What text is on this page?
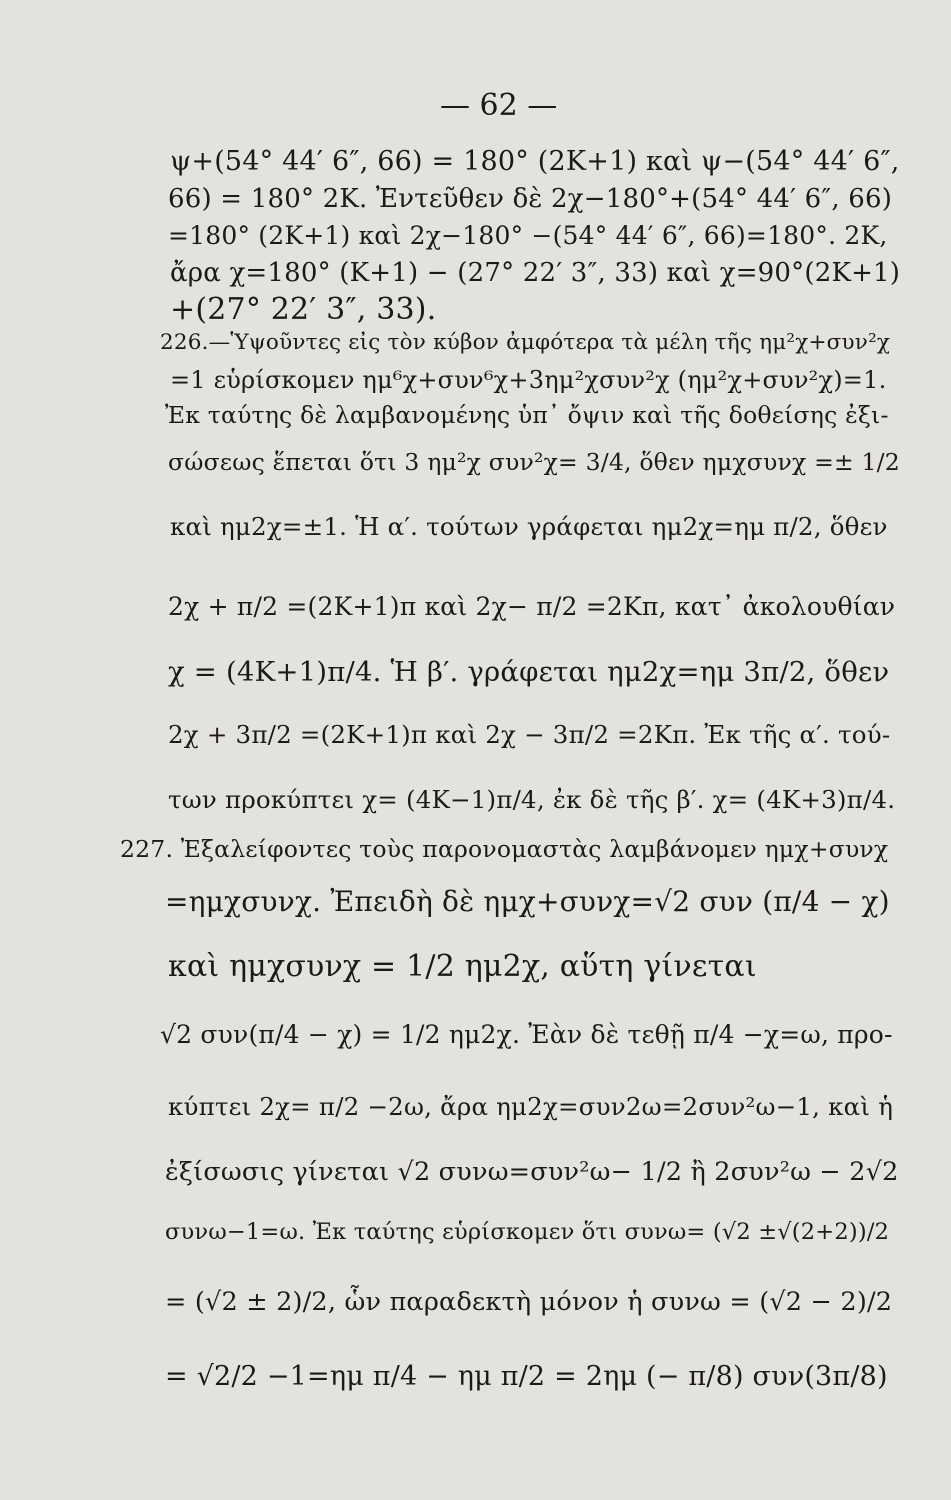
— 62 —
ψ+(54° 44′ 6″, 66) = 180° (2Κ+1) καὶ ψ−(54° 44′ 6″,
66) = 180° 2Κ. Ἐντεῦθεν δὲ 2χ−180°+(54° 44′ 6″, 66)
=180° (2Κ+1) καὶ 2χ−180° −(54° 44′ 6″, 66)=180°. 2Κ,
ἄρα χ=180° (Κ+1) − (27° 22′ 3″, 33) καὶ χ=90°(2Κ+1)
+(27° 22′ 3″, 33).
226.—Ὑψοῦντες εἰς τὸν κύβον ἀμφότερα τὰ μέλη τῆς ημ²χ+συν²χ
=1 εὑρίσκομεν ημ⁶χ+συν⁶χ+3ημ²χσυν²χ (ημ²χ+συν²χ)=1.
Ἐκ ταύτης δὲ λαμβανομένης ὑπ᾽ ὄψιν καὶ τῆς δοθείσης ἐξι-
σώσεως ἕπεται ὅτι 3 ημ²χ συν²χ= 3/4, ὅθεν ημχσυνχ =± 1/2
καὶ ημ2χ=±1. Ἡ α′. τούτων γράφεται ημ2χ=ημ π/2, ὅθεν
2χ + π/2 =(2Κ+1)π καὶ 2χ− π/2 =2Κπ, κατ᾽ ἀκολουθίαν
χ = (4Κ+1)π/4. Ἡ β′. γράφεται ημ2χ=ημ 3π/2, ὅθεν
2χ + 3π/2 =(2Κ+1)π καὶ 2χ − 3π/2 =2Κπ. Ἐκ τῆς α′. τού-
των προκύπτει χ= (4Κ−1)π/4, ἐκ δὲ τῆς β′. χ= (4Κ+3)π/4.
227. Ἐξαλείφοντες τοὺς παρονομαστὰς λαμβάνομεν ημχ+συνχ
=ημχσυνχ. Ἐπειδὴ δὲ ημχ+συνχ=√2 συν (π/4 − χ)
καὶ ημχσυνχ = 1/2 ημ2χ, αὕτη γίνεται
√2 συν(π/4 − χ) = 1/2 ημ2χ. Ἐὰν δὲ τεθῇ π/4 −χ=ω, προ-
κύπτει 2χ= π/2 −2ω, ἄρα ημ2χ=συν2ω=2συν²ω−1, καὶ ἡ
ἐξίσωσις γίνεται √2 συνω=συν²ω− 1/2 ἢ 2συν²ω − 2√2
συνω−1=ω. Ἐκ ταύτης εὑρίσκομεν ὅτι συνω= (√2 ±√(2+2))/2
= (√2 ± 2)/2, ὧν παραδεκτὴ μόνον ἡ συνω = (√2 − 2)/2
= √2/2 −1=ημ π/4 − ημ π/2 = 2ημ (− π/8) συν(3π/8)
